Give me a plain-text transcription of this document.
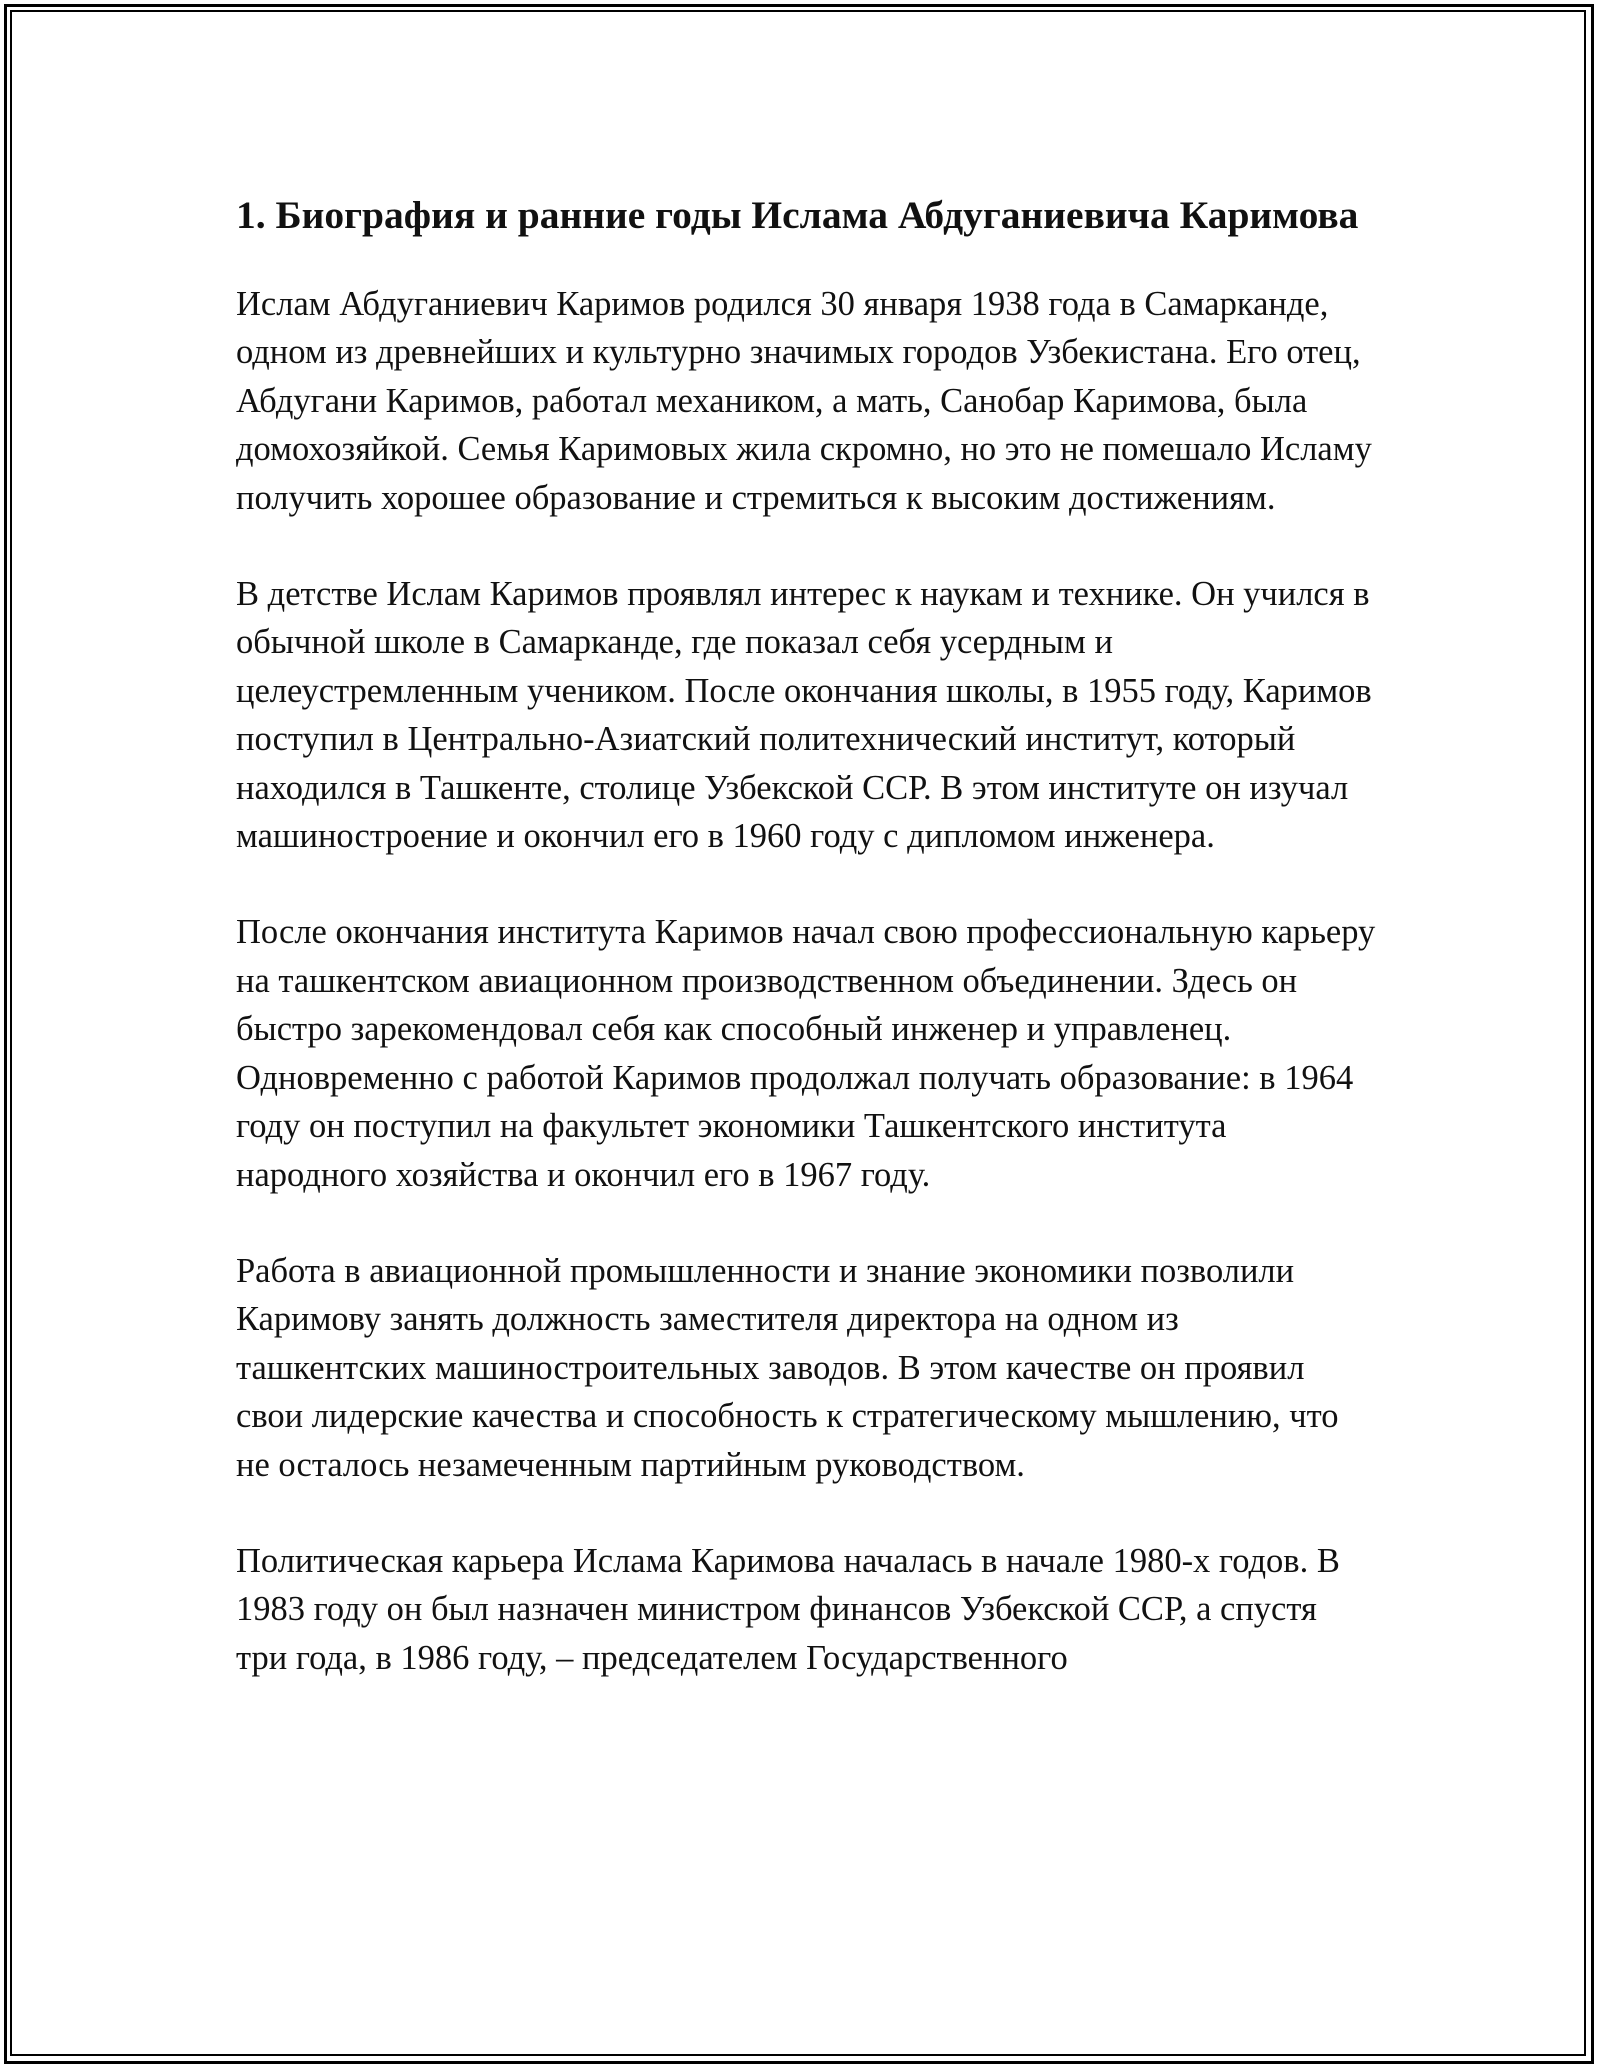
1. Биография и ранние годы Ислама Абдуганиевича Каримова

Ислам Абдуганиевич Каримов родился 30 января 1938 года в Самарканде, одном из древнейших и культурно значимых городов Узбекистана. Его отец, Абдугани Каримов, работал механиком, а мать, Санобар Каримова, была домохозяйкой. Семья Каримовых жила скромно, но это не помешало Исламу получить хорошее образование и стремиться к высоким достижениям.

В детстве Ислам Каримов проявлял интерес к наукам и технике. Он учился в обычной школе в Самарканде, где показал себя усердным и целеустремленным учеником. После окончания школы, в 1955 году, Каримов поступил в Центрально-Азиатский политехнический институт, который находился в Ташкенте, столице Узбекской ССР. В этом институте он изучал машиностроение и окончил его в 1960 году с дипломом инженера.

После окончания института Каримов начал свою профессиональную карьеру на ташкентском авиационном производственном объединении. Здесь он быстро зарекомендовал себя как способный инженер и управленец. Одновременно с работой Каримов продолжал получать образование: в 1964 году он поступил на факультет экономики Ташкентского института народного хозяйства и окончил его в 1967 году.

Работа в авиационной промышленности и знание экономики позволили Каримову занять должность заместителя директора на одном из ташкентских машиностроительных заводов. В этом качестве он проявил свои лидерские качества и способность к стратегическому мышлению, что не осталось незамеченным партийным руководством.

Политическая карьера Ислама Каримова началась в начале 1980-х годов. В 1983 году он был назначен министром финансов Узбекской ССР, а спустя три года, в 1986 году, – председателем Государственного
